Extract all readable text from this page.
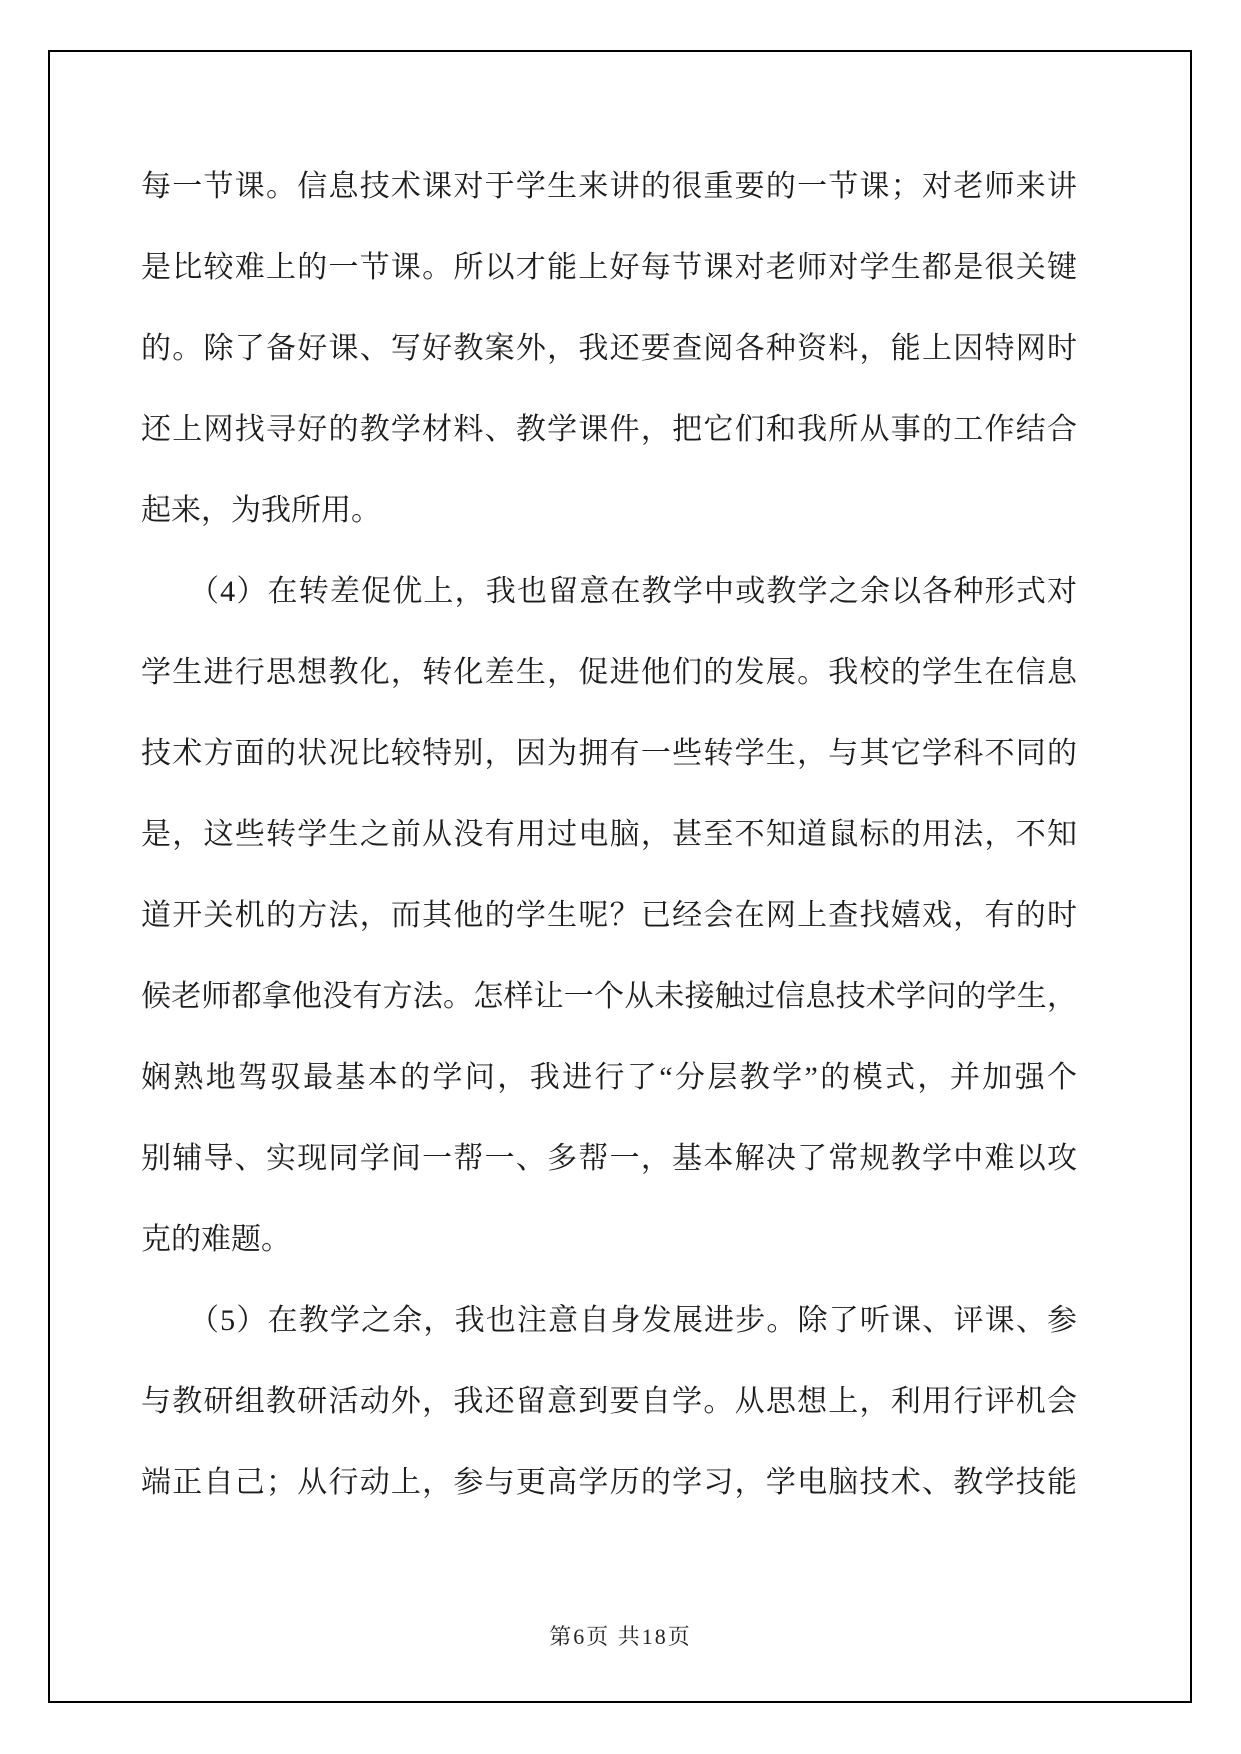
每一节课。信息技术课对于学生来讲的很重要的一节课；对老师来讲
是比较难上的一节课。所以才能上好每节课对老师对学生都是很关键
的。除了备好课、写好教案外，我还要查阅各种资料，能上因特网时
还上网找寻好的教学材料、教学课件，把它们和我所从事的工作结合
起来，为我所用。
（4）在转差促优上，我也留意在教学中或教学之余以各种形式对
学生进行思想教化，转化差生，促进他们的发展。我校的学生在信息
技术方面的状况比较特别，因为拥有一些转学生，与其它学科不同的
是，这些转学生之前从没有用过电脑，甚至不知道鼠标的用法，不知
道开关机的方法，而其他的学生呢？已经会在网上查找嬉戏，有的时
候老师都拿他没有方法。怎样让一个从未接触过信息技术学问的学生，
娴熟地驾驭最基本的学问，我进行了“分层教学”的模式，并加强个
别辅导、实现同学间一帮一、多帮一，基本解决了常规教学中难以攻
克的难题。
（5）在教学之余，我也注意自身发展进步。除了听课、评课、参
与教研组教研活动外，我还留意到要自学。从思想上，利用行评机会
端正自己；从行动上，参与更高学历的学习，学电脑技术、教学技能
第6页 共18页
